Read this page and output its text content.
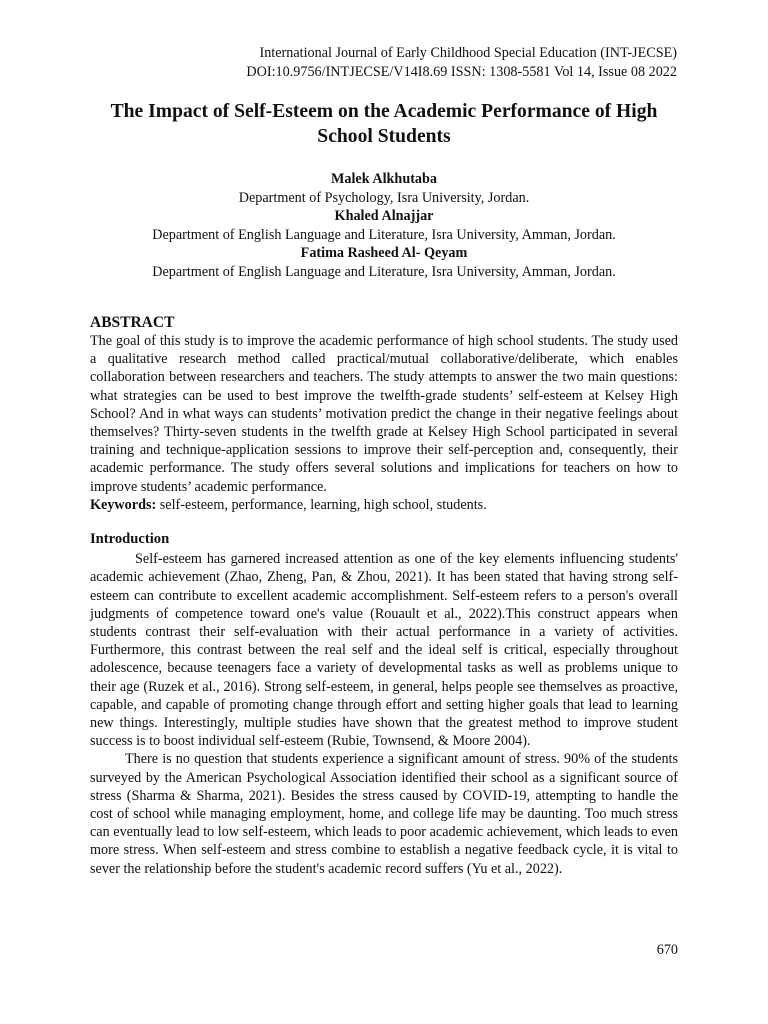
International Journal of Early Childhood Special Education (INT-JECSE)
DOI:10.9756/INTJECSE/V14I8.69 ISSN: 1308-5581 Vol 14, Issue 08 2022
The Impact of Self-Esteem on the Academic Performance of High School Students
Malek Alkhutaba
Department of Psychology, Isra University, Jordan.
Khaled Alnajjar
Department of English Language and Literature, Isra University, Amman, Jordan.
Fatima Rasheed Al- Qeyam
Department of English Language and Literature, Isra University, Amman, Jordan.
ABSTRACT

The goal of this study is to improve the academic performance of high school students. The study used a qualitative research method called practical/mutual collaborative/deliberate, which enables collaboration between researchers and teachers. The study attempts to answer the two main questions: what strategies can be used to best improve the twelfth-grade students’ self-esteem at Kelsey High School? And in what ways can students’ motivation predict the change in their negative feelings about themselves? Thirty-seven students in the twelfth grade at Kelsey High School participated in several training and technique-application sessions to improve their self-perception and, consequently, their academic performance. The study offers several solutions and implications for teachers on how to improve students’ academic performance.

Keywords: self-esteem, performance, learning, high school, students.

Introduction

Self-esteem has garnered increased attention as one of the key elements influencing students' academic achievement (Zhao, Zheng, Pan, & Zhou, 2021). It has been stated that having strong self-esteem can contribute to excellent academic accomplishment. Self-esteem refers to a person's overall judgments of competence toward one's value (Rouault et al., 2022).This construct appears when students contrast their self-evaluation with their actual performance in a variety of activities. Furthermore, this contrast between the real self and the ideal self is critical, especially throughout adolescence, because teenagers face a variety of developmental tasks as well as problems unique to their age (Ruzek et al., 2016). Strong self-esteem, in general, helps people see themselves as proactive, capable, and capable of promoting change through effort and setting higher goals that lead to learning new things. Interestingly, multiple studies have shown that the greatest method to improve student success is to boost individual self-esteem (Rubie, Townsend, & Moore 2004).

There is no question that students experience a significant amount of stress. 90% of the students surveyed by the American Psychological Association identified their school as a significant source of stress (Sharma & Sharma, 2021). Besides the stress caused by COVID-19, attempting to handle the cost of school while managing employment, home, and college life may be daunting. Too much stress can eventually lead to low self-esteem, which leads to poor academic achievement, which leads to even more stress. When self-esteem and stress combine to establish a negative feedback cycle, it is vital to sever the relationship before the student's academic record suffers (Yu et al., 2022).

670
